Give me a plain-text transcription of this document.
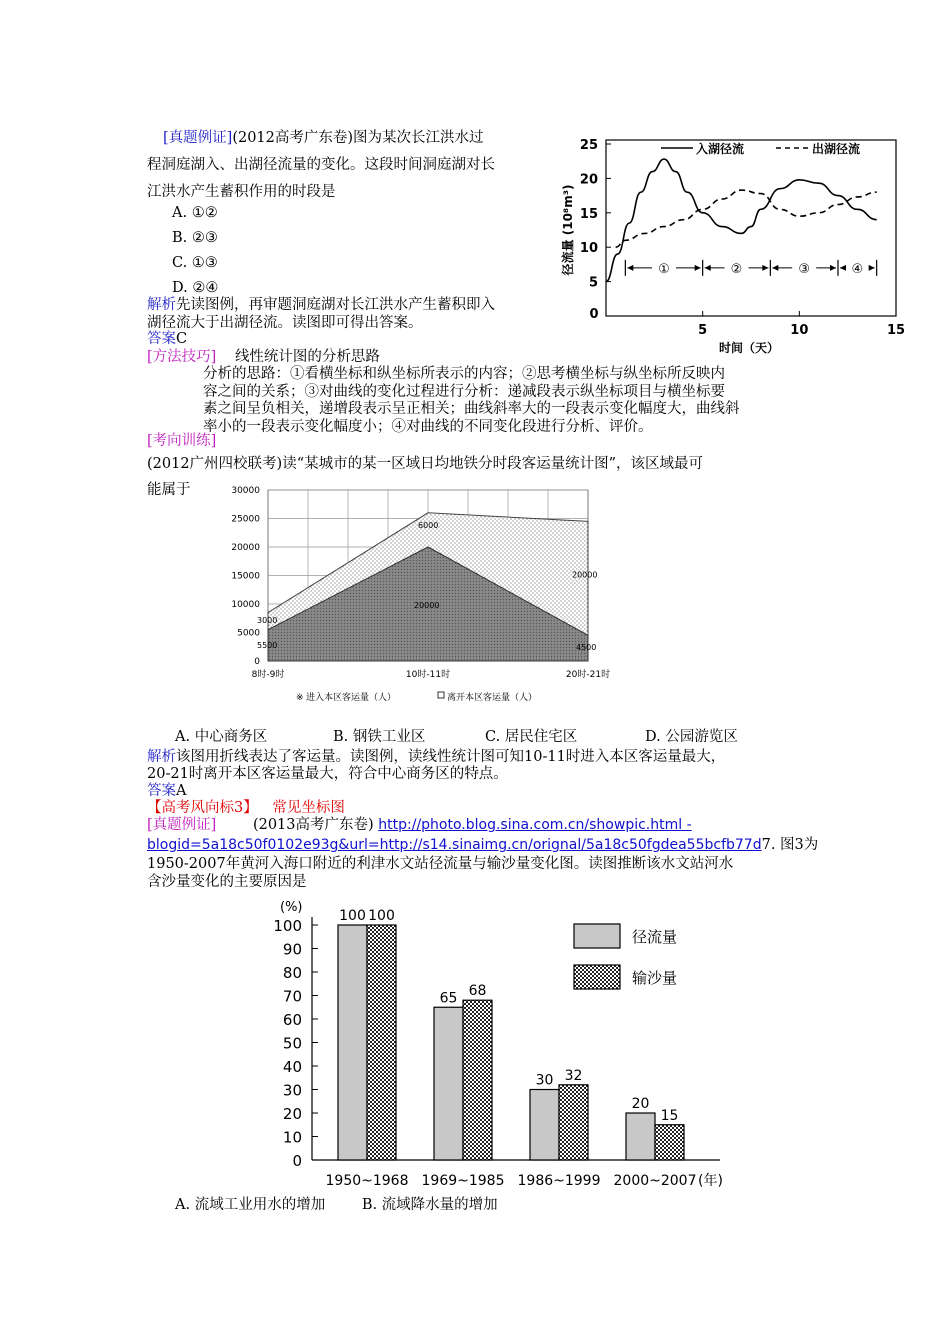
[真题例证](2012高考广东卷)图为某次长江洪水过
程洞庭湖入、出湖径流量的变化。这段时间洞庭湖对长
江洪水产生蓄积作用的时段是
A. ①②
B. ②③
C. ①③
D. ②④
解析先读图例，再审题洞庭湖对长江洪水产生蓄积即入
湖径流大于出湖径流。读图即可得出答案。
答案C
5
10
15
20
25
0
5	10	15
时间（天）
径流量 (10⁸m³)
入湖径流	出湖径流
①	②	③	④
[方法技巧] 线性统计图的分析思路
分析的思路：①看横坐标和纵坐标所表示的内容；②思考横坐标与纵坐标所反映内
容之间的关系；③对曲线的变化过程进行分析：递减段表示纵坐标项目与横坐标要
素之间呈负相关，递增段表示呈正相关；曲线斜率大的一段表示变化幅度大，曲线斜
率小的一段表示变化幅度小；④对曲线的不同变化段进行分析、评价。
[考向训练]
(2012广州四校联考)读“某城市的某一区域日均地铁分时段客运量统计图”，该区域最可
能属于
0
5000
10000
15000
20000
25000
30000
3000
6000
20000
5500
20000
4500
8时-9时	10时-11时	20时-21时
※ 进入本区客运量（人）	离开本区客运量（人）
A. 中心商务区	B. 钢铁工业区	C. 居民住宅区	D. 公园游览区
解析该图用折线表达了客运量。读图例，读线性统计图可知10-11时进入本区客运量最大，
20-21时离开本区客运量最大，符合中心商务区的特点。
答案A
【高考风向标3】 常见坐标图
[真题例证]	(2013高考广东卷) http://photo.blog.sina.com.cn/showpic.html -
blogid=5a18c50f0102e93g&url=http://s14.sinaimg.cn/orignal/5a18c50fgdea55bcfb77d7. 图3为
1950-2007年黄河入海口附近的利津水文站径流量与输沙量变化图。读图推断该水文站河水
含沙量变化的主要原因是
(%)
0
10
20
30
40
50
60
70
80
90
100
1950~1968 1969~1985 1986~1999 2000~2007 (年)
100 100
65 68
30 32
20
15
径流量
输沙量
A. 流域工业用水的增加	B. 流域降水量的增加
